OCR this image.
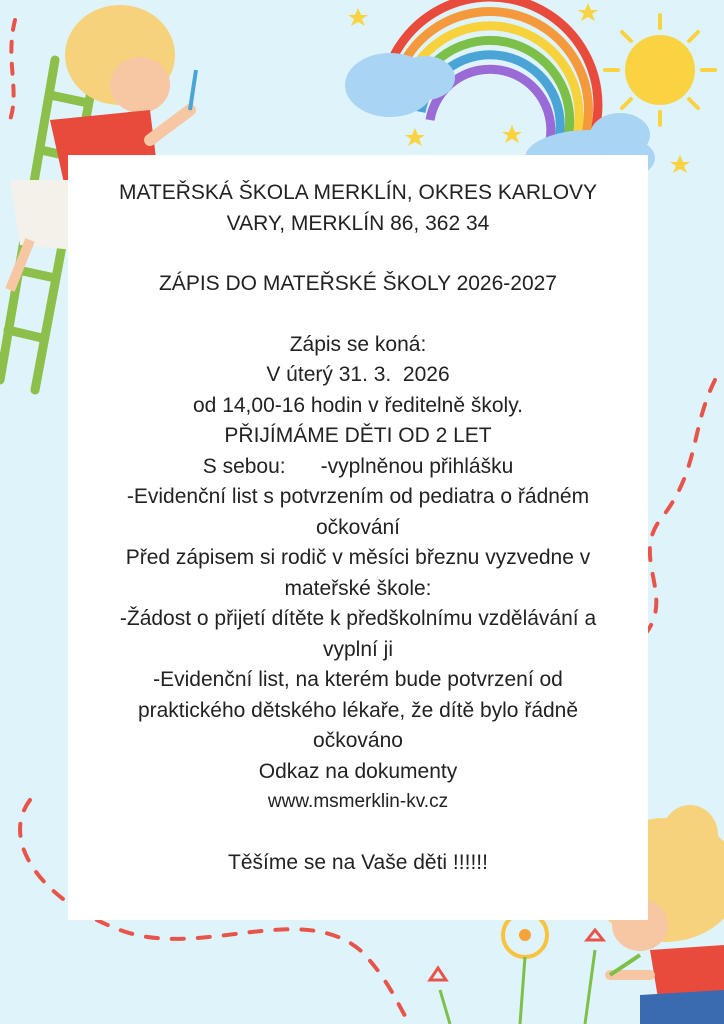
MATEŘSKÁ ŠKOLA MERKLÍN, OKRES KARLOVY
VARY, MERKLÍN 86, 362 34
ZÁPIS DO MATEŘSKÉ ŠKOLY 2026-2027
Zápis se koná:
V úterý 31. 3.  2026
od 14,00-16 hodin v ředitelně školy.
PŘIJÍMÁME DĚTI OD 2 LET
S sebou:      -vyplněnou přihlášku
-Evidenční list s potvrzením od pediatra o řádném
očkování
Před zápisem si rodič v měsíci březnu vyzvedne v
mateřské škole:
-Žádost o přijetí dítěte k předškolnímu vzdělávání a
vyplní ji
-Evidenční list, na kterém bude potvrzení od
praktického dětského lékaře, že dítě bylo řádně
očkováno
Odkaz na dokumenty
www.msmerklin-kv.cz
Těšíme se na Vaše děti !!!!!!
